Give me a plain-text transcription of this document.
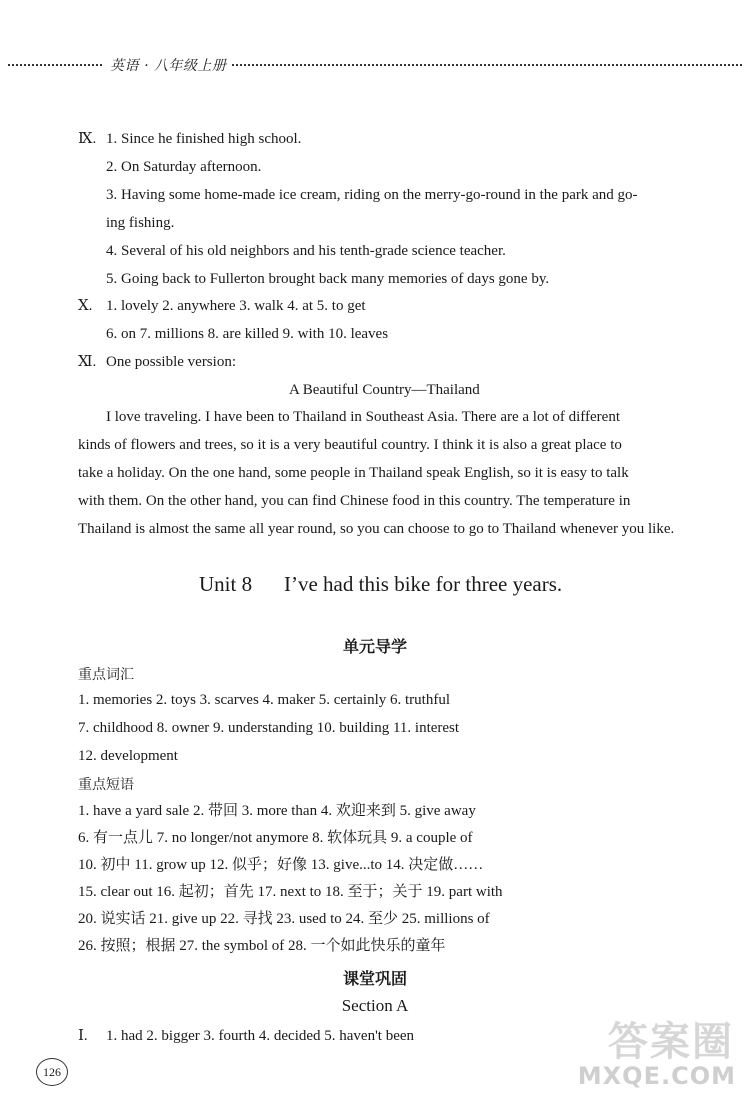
英语 · 八年级上册
Ⅸ. 1. Since he finished high school.
2. On Saturday afternoon.
3. Having some home-made ice cream, riding on the merry-go-round in the park and go-
ing fishing.
4. Several of his old neighbors and his tenth-grade science teacher.
5. Going back to Fullerton brought back many memories of days gone by.
Ⅹ. 1. lovely 2. anywhere 3. walk 4. at 5. to get
6. on 7. millions 8. are killed 9. with 10. leaves
Ⅺ. One possible version:
A Beautiful Country—Thailand
I love traveling. I have been to Thailand in Southeast Asia. There are a lot of different
kinds of flowers and trees, so it is a very beautiful country. I think it is also a great place to
take a holiday. On the one hand, some people in Thailand speak English, so it is easy to talk
with them. On the other hand, you can find Chinese food in this country. The temperature in
Thailand is almost the same all year round, so you can choose to go to Thailand whenever you like.
Unit 8 I’ve had this bike for three years.
单元导学
重点词汇
1. memories 2. toys 3. scarves 4. maker 5. certainly 6. truthful
7. childhood 8. owner 9. understanding 10. building 11. interest
12. development
重点短语
1. have a yard sale 2. 带回 3. more than 4. 欢迎来到 5. give away
6. 有一点儿 7. no longer/not anymore 8. 软体玩具 9. a couple of
10. 初中 11. grow up 12. 似乎；好像 13. give...to 14. 决定做……
15. clear out 16. 起初；首先 17. next to 18. 至于；关于 19. part with
20. 说实话 21. give up 22. 寻找 23. used to 24. 至少 25. millions of
26. 按照；根据 27. the symbol of 28. 一个如此快乐的童年
课堂巩固
Section A
Ⅰ. 1. had 2. bigger 3. fourth 4. decided 5. haven't been
126
答案圈
MXQE.COM
